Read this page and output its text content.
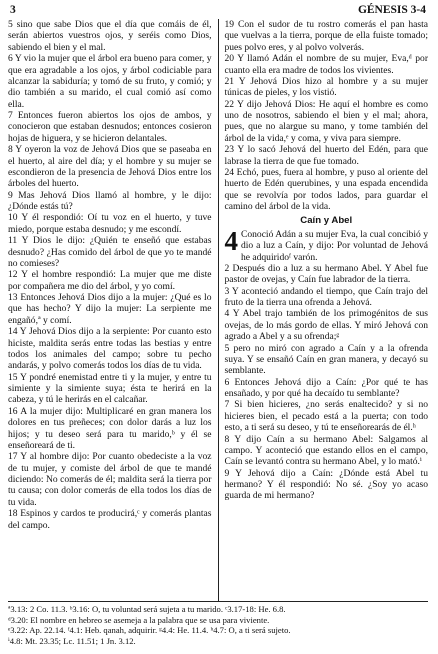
3	GÉNESIS 3-4

5 sino que sabe Dios que el día que comáis de él, serán abiertos vuestros ojos, y seréis como Dios, sabiendo el bien y el mal.

6 Y vio la mujer que el árbol era bueno para comer, y que era agradable a los ojos, y árbol codiciable para alcanzar la sabiduría; y tomó de su fruto, y comió; y dio también a su marido, el cual comió así como ella.

7 Entonces fueron abiertos los ojos de ambos, y conocieron que estaban desnudos; entonces cosieron hojas de higuera, y se hicieron delantales.

8 Y oyeron la voz de Jehová Dios que se paseaba en el huerto, al aire del día; y el hombre y su mujer se escondieron de la presencia de Jehová Dios entre los árboles del huerto.

9 Mas Jehová Dios llamó al hombre, y le dijo: ¿Dónde estás tú?

10 Y él respondió: Oí tu voz en el huerto, y tuve miedo, porque estaba desnudo; y me escondí.

11 Y Dios le dijo: ¿Quién te enseñó que estabas desnudo? ¿Has comido del árbol de que yo te mandé no comieses?

12 Y el hombre respondió: La mujer que me diste por compañera me dio del árbol, y yo comí.

13 Entonces Jehová Dios dijo a la mujer: ¿Qué es lo que has hecho? Y dijo la mujer: La serpiente me engañó,ª y comí.

14 Y Jehová Dios dijo a la serpiente: Por cuanto esto hiciste, maldita serás entre todas las bestias y entre todos los animales del campo; sobre tu pecho andarás, y polvo comerás todos los días de tu vida.

15 Y pondré enemistad entre ti y la mujer, y entre tu simiente y la simiente suya; ésta te herirá en la cabeza, y tú le herirás en el calcañar.

16 A la mujer dijo: Multiplicaré en gran manera los dolores en tus preñeces; con dolor darás a luz los hijos; y tu deseo será para tu marido,ᵇ y él se enseñoreará de ti.

17 Y al hombre dijo: Por cuanto obedeciste a la voz de tu mujer, y comiste del árbol de que te mandé diciendo: No comerás de él; maldita será la tierra por tu causa; con dolor comerás de ella todos los días de tu vida.

18 Espinos y cardos te producirá,ᶜ y comerás plantas del campo.

19 Con el sudor de tu rostro comerás el pan hasta que vuelvas a la tierra, porque de ella fuiste tomado; pues polvo eres, y al polvo volverás.

20 Y llamó Adán el nombre de su mujer, Eva,ᵈ por cuanto ella era madre de todos los vivientes.

21 Y Jehová Dios hizo al hombre y a su mujer túnicas de pieles, y los vistió.

22 Y dijo Jehová Dios: He aquí el hombre es como uno de nosotros, sabiendo el bien y el mal; ahora, pues, que no alargue su mano, y tome también del árbol de la vida,ᵉ y coma, y viva para siempre.

23 Y lo sacó Jehová del huerto del Edén, para que labrase la tierra de que fue tomado.

24 Echó, pues, fuera al hombre, y puso al oriente del huerto de Edén querubines, y una espada encendida que se revolvía por todos lados, para guardar el camino del árbol de la vida.

Caín y Abel

4 Conoció Adán a su mujer Eva, la cual concibió y dio a luz a Caín, y dijo: Por voluntad de Jehová he adquiridoᶠ varón.

2 Después dio a luz a su hermano Abel. Y Abel fue pastor de ovejas, y Caín fue labrador de la tierra.

3 Y aconteció andando el tiempo, que Caín trajo del fruto de la tierra una ofrenda a Jehová.

4 Y Abel trajo también de los primogénitos de sus ovejas, de lo más gordo de ellas. Y miró Jehová con agrado a Abel y a su ofrenda;ᵍ

5 pero no miró con agrado a Caín y a la ofrenda suya. Y se ensañó Caín en gran manera, y decayó su semblante.

6 Entonces Jehová dijo a Caín: ¿Por qué te has ensañado, y por qué ha decaído tu semblante?

7 Si bien hicieres, ¿no serás enaltecido? y si no hicieres bien, el pecado está a la puerta; con todo esto, a ti será su deseo, y tú te enseñorearás de él.ʰ

8 Y dijo Caín a su hermano Abel: Salgamos al campo. Y aconteció que estando ellos en el campo, Caín se levantó contra su hermano Abel, y lo mató.ⁱ

9 Y Jehová dijo a Caín: ¿Dónde está Abel tu hermano? Y él respondió: No sé. ¿Soy yo acaso guarda de mi hermano?

ª3.13: 2 Co. 11.3. ᵇ3.16: O, tu voluntad será sujeta a tu marido. ᶜ3.17-18: He. 6.8.

ᵈ3.20: El nombre en hebreo se asemeja a la palabra que se usa para viviente.

ᵉ3.22: Ap. 22.14. ᶠ4.1: Heb. qanah, adquirir. ᵍ4.4: He. 11.4. ʰ4.7: O, a ti será sujeto.

ⁱ4.8: Mt. 23.35; Lc. 11.51; 1 Jn. 3.12.
